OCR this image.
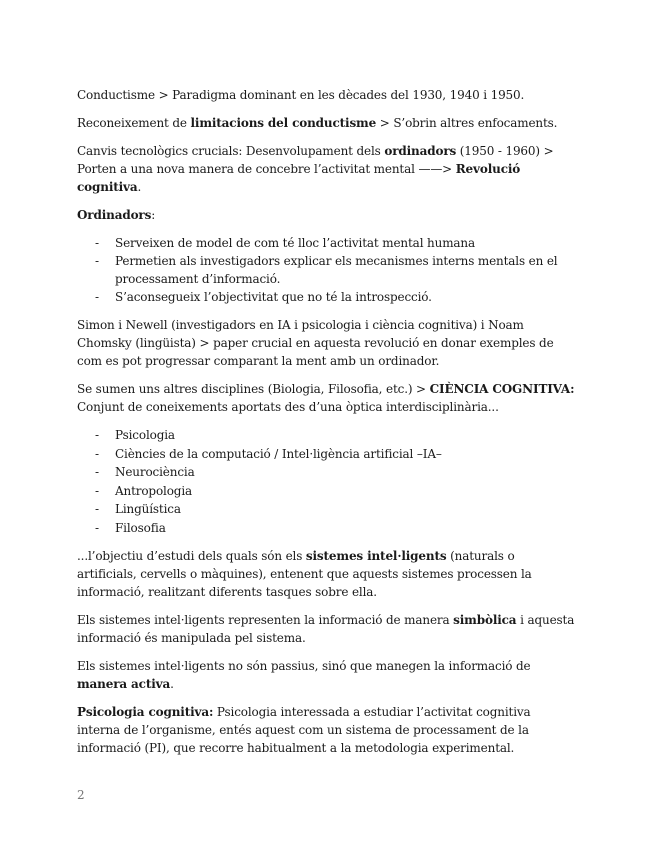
Conductisme > Paradigma dominant en les dècades del 1930, 1940 i 1950.

Reconeixement de limitacions del conductisme > S’obrin altres enfocaments.

Canvis tecnològics crucials: Desenvolupament dels ordinadors (1950 - 1960) > Porten a una nova manera de concebre l’activitat mental ——> Revolució cognitiva.

Ordinadors:

- Serveixen de model de com té lloc l’activitat mental humana
- Permetien als investigadors explicar els mecanismes interns mentals en el processament d’informació.
- S’aconsegueix l’objectivitat que no té la introspecció.

Simon i Newell (investigadors en IA i psicologia i ciència cognitiva) i Noam Chomsky (lingüista) > paper crucial en aquesta revolució en donar exemples de com es pot progressar comparant la ment amb un ordinador.

Se sumen uns altres disciplines (Biologia, Filosofia, etc.) > CIÈNCIA COGNITIVA: Conjunt de coneixements aportats des d’una òptica interdisciplinària...

- Psicologia
- Ciències de la computació / Intel·ligència artificial –IA–
- Neurociència
- Antropologia
- Lingüística
- Filosofia

...l’objectiu d’estudi dels quals són els sistemes intel·ligents (naturals o artificials, cervells o màquines), entenent que aquests sistemes processen la informació, realitzant diferents tasques sobre ella.

Els sistemes intel·ligents representen la informació de manera simbòlica i aquesta informació és manipulada pel sistema.

Els sistemes intel·ligents no són passius, sinó que manegen la informació de manera activa.

Psicologia cognitiva: Psicologia interessada a estudiar l’activitat cognitiva interna de l’organisme, entés aquest com un sistema de processament de la informació (PI), que recorre habitualment a la metodologia experimental.

2
